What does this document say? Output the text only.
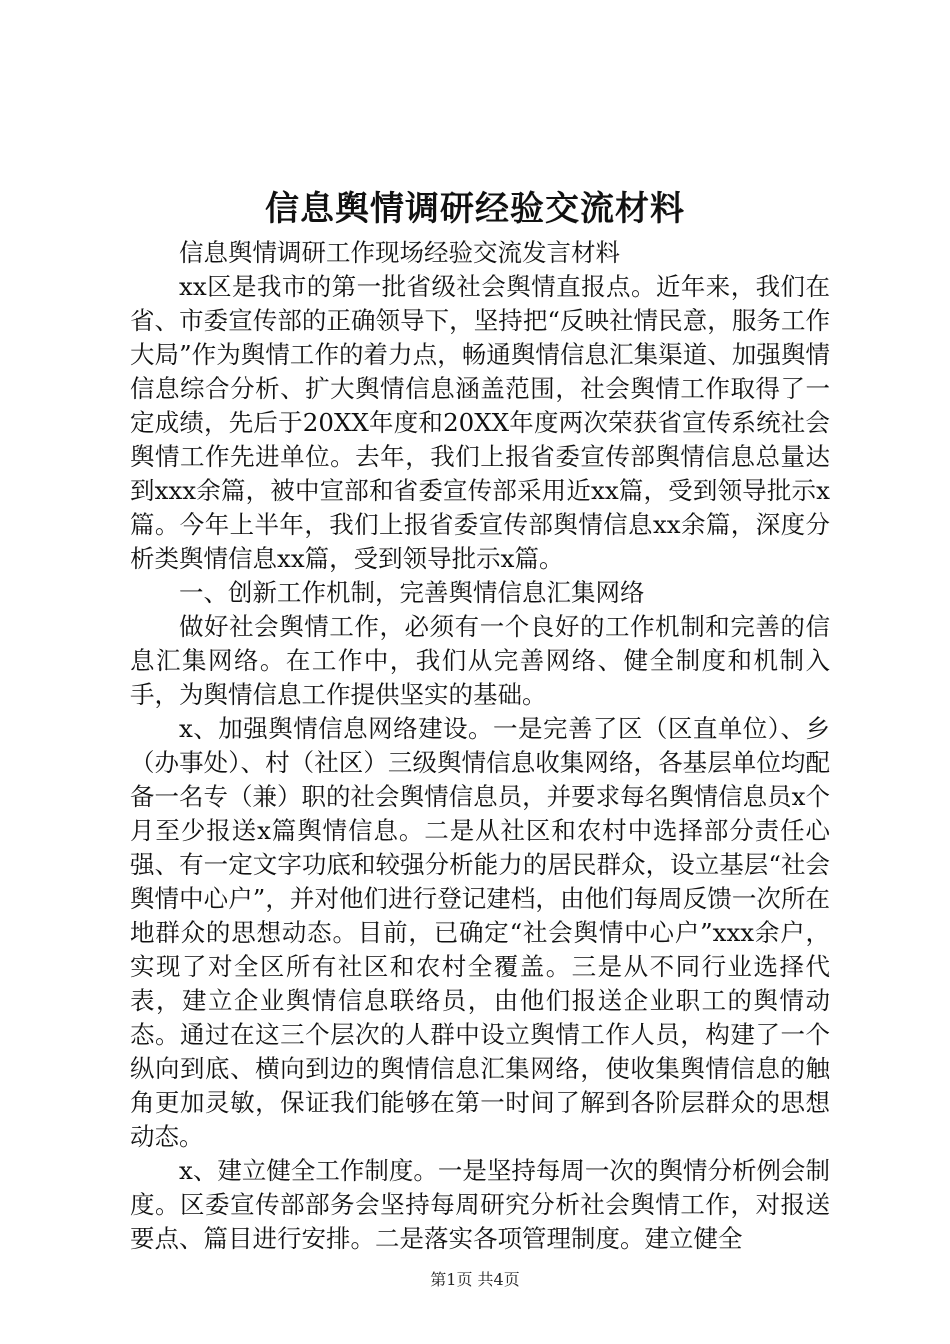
信息舆情调研经验交流材料

信息舆情调研工作现场经验交流发言材料

xx区是我市的第一批省级社会舆情直报点。近年来，我们在省、市委宣传部的正确领导下，坚持把“反映社情民意，服务工作大局”作为舆情工作的着力点，畅通舆情信息汇集渠道、加强舆情信息综合分析、扩大舆情信息涵盖范围，社会舆情工作取得了一定成绩，先后于20XX年度和20XX年度两次荣获省宣传系统社会舆情工作先进单位。去年，我们上报省委宣传部舆情信息总量达到xxx余篇，被中宣部和省委宣传部采用近xx篇，受到领导批示x篇。今年上半年，我们上报省委宣传部舆情信息xx余篇，深度分析类舆情信息xx篇，受到领导批示x篇。

一、创新工作机制，完善舆情信息汇集网络

做好社会舆情工作，必须有一个良好的工作机制和完善的信息汇集网络。在工作中，我们从完善网络、健全制度和机制入手，为舆情信息工作提供坚实的基础。

x、加强舆情信息网络建设。一是完善了区（区直单位）、乡（办事处）、村（社区）三级舆情信息收集网络，各基层单位均配备一名专（兼）职的社会舆情信息员，并要求每名舆情信息员x个月至少报送x篇舆情信息。二是从社区和农村中选择部分责任心强、有一定文字功底和较强分析能力的居民群众，设立基层“社会舆情中心户”，并对他们进行登记建档，由他们每周反馈一次所在地群众的思想动态。目前，已确定“社会舆情中心户”xxx余户，实现了对全区所有社区和农村全覆盖。三是从不同行业选择代表，建立企业舆情信息联络员，由他们报送企业职工的舆情动态。通过在这三个层次的人群中设立舆情工作人员，构建了一个纵向到底、横向到边的舆情信息汇集网络，使收集舆情信息的触角更加灵敏，保证我们能够在第一时间了解到各阶层群众的思想动态。

x、建立健全工作制度。一是坚持每周一次的舆情分析例会制度。区委宣传部部务会坚持每周研究分析社会舆情工作，对报送要点、篇目进行安排。二是落实各项管理制度。建立健全

第1页 共4页
